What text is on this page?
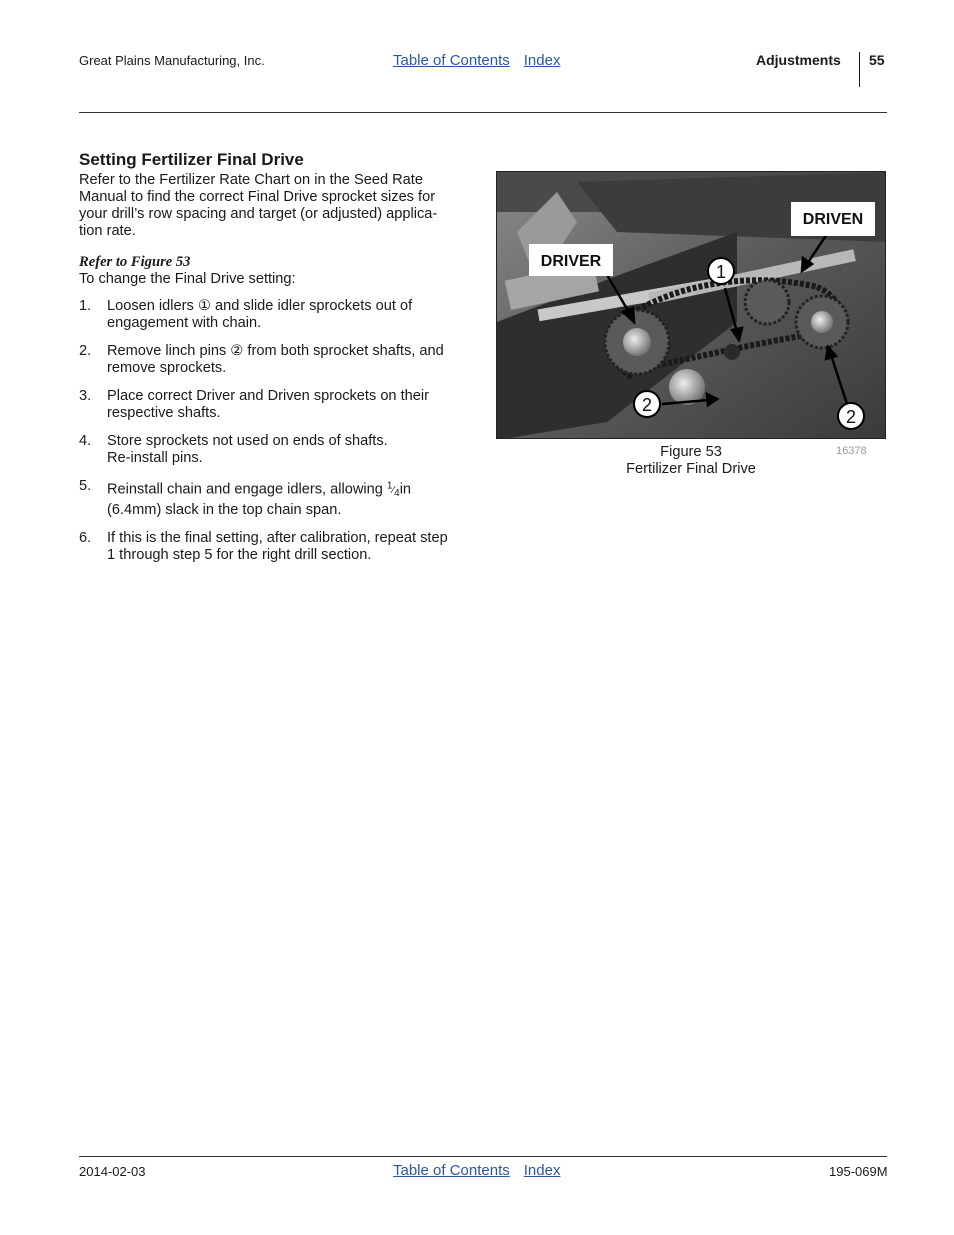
Great Plains Manufacturing, Inc.	Table of Contents Index	Adjustments 55
Setting Fertilizer Final Drive

Refer to the Fertilizer Rate Chart on in the Seed Rate
Manual to find the correct Final Drive sprocket sizes for
your drill’s row spacing and target (or adjusted) applica-
tion rate.

Refer to Figure 53

To change the Final Drive setting:

1. Loosen idlers ① and slide idler sprockets out of
engagement with chain.
2. Remove linch pins ② from both sprocket shafts, and
remove sprockets.
3. Place correct Driver and Driven sprockets on their
respective shafts.
4. Store sprockets not used on ends of shafts.
Re-install pins.
5. Reinstall chain and engage idlers, allowing $^1⁄_4in$
(6.4mm) slack in the top chain span.
6. If this is the final setting, after calibration, repeat step
1 through step 5 for the right drill section.
DRIVER
DRIVEN
1
2
2
Figure 53
Fertilizer Final Drive
16378
2014-02-03	Table of Contents Index	195-069M
